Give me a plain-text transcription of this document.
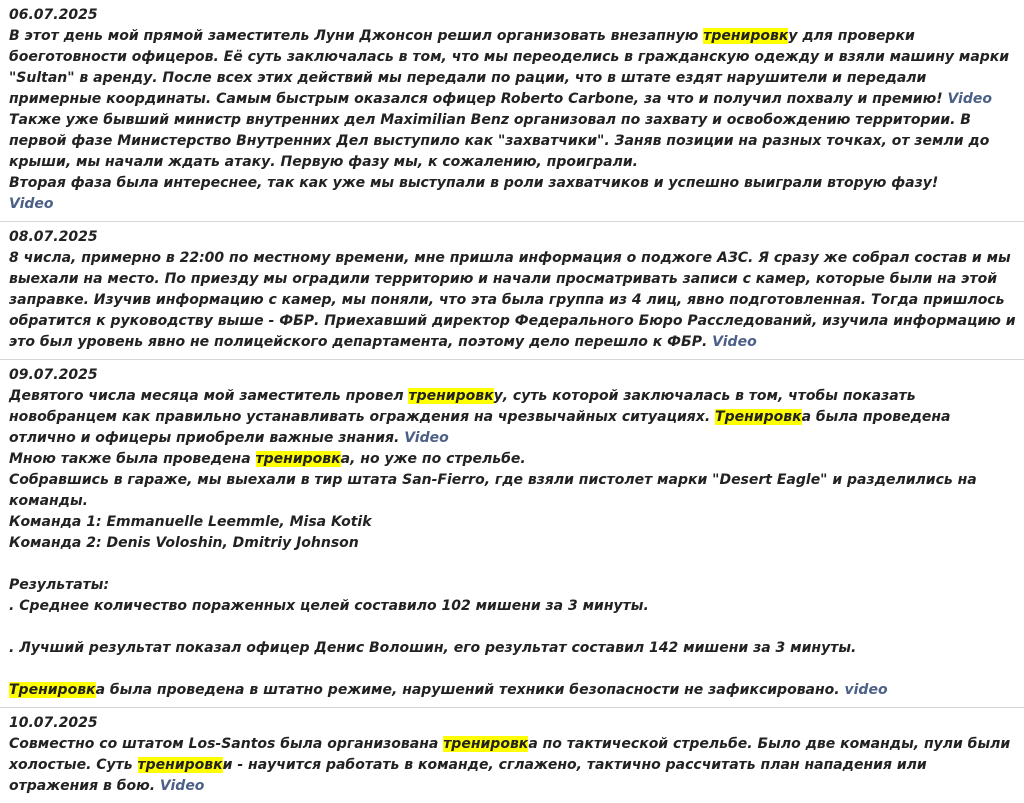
06.07.2025
В этот день мой прямой заместитель Луни Джонсон решил организовать внезапную тренировку для проверки боеготовности офицеров. Её суть заключалась в том, что мы переоделись в гражданскую одежду и взяли машину марки "Sultan" в аренду. После всех этих действий мы передали по рации, что в штате ездят нарушители и передали примерные координаты. Самым быстрым оказался офицер Roberto Carbone, за что и получил похвалу и премию! Video
Также уже бывший министр внутренних дел Maximilian Benz организовал по захвату и освобождению территории. В первой фазе Министерство Внутренних Дел выступило как "захватчики". Заняв позиции на разных точках, от земли до крыши, мы начали ждать атаку. Первую фазу мы, к сожалению, проиграли.
Вторая фаза была интереснее, так как уже мы выступали в роли захватчиков и успешно выиграли вторую фазу!
Video
08.07.2025
8 числа, примерно в 22:00 по местному времени, мне пришла информация о поджоге АЗС. Я сразу же собрал состав и мы выехали на место. По приезду мы оградили территорию и начали просматривать записи с камер, которые были на этой заправке. Изучив информацию с камер, мы поняли, что эта была группа из 4 лиц, явно подготовленная. Тогда пришлось обратится к руководству выше - ФБР. Приехавший директор Федерального Бюро Расследований, изучила информацию и это был уровень явно не полицейского департамента, поэтому дело перешло к ФБР. Video
09.07.2025
Девятого числа месяца мой заместитель провел тренировку, суть которой заключалась в том, чтобы показать новобранцем как правильно устанавливать ограждения на чрезвычайных ситуациях. Тренировка была проведена отлично и офицеры приобрели важные знания. Video
Мною также была проведена тренировка, но уже по стрельбе.
Собравшись в гараже, мы выехали в тир штата San-Fierro, где взяли пистолет марки "Desert Eagle" и разделились на команды.
Команда 1: Emmanuelle Leemmle, Misa Kotik
Команда 2: Denis Voloshin, Dmitriy Johnson
Результаты:
. Среднее количество пораженных целей составило 102 мишени за 3 минуты.
. Лучший результат показал офицер Денис Волошин, его результат составил 142 мишени за 3 минуты.
Тренировка была проведена в штатно режиме, нарушений техники безопасности не зафиксировано. video
10.07.2025
Совместно со штатом Los-Santos была организована тренировка по тактической стрельбе. Было две команды, пули были холостые. Суть тренировки - научится работать в команде, сглажено, тактично рассчитать план нападения или отражения в бою. Video
